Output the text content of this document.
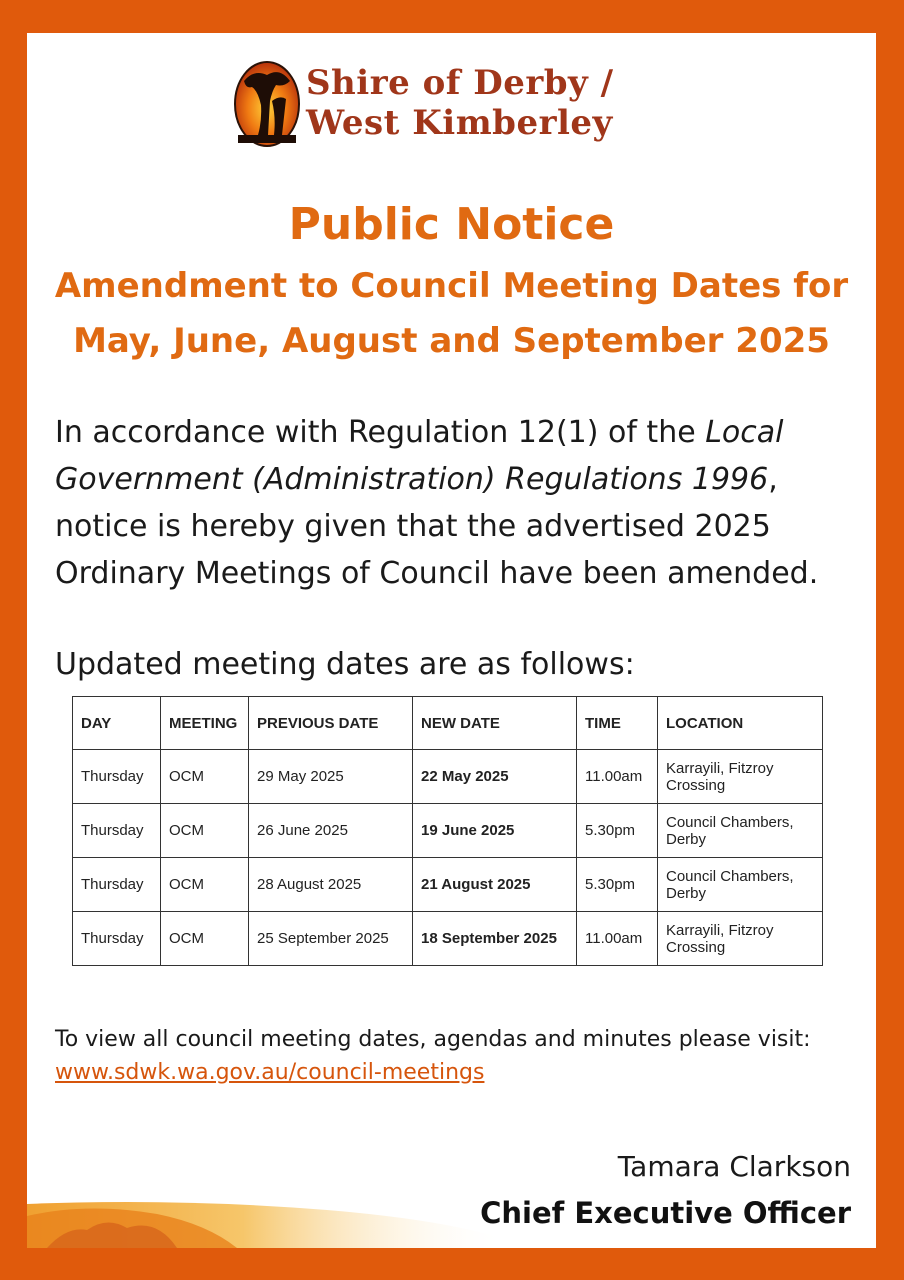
Shire of Derby /
West Kimberley
Public Notice
Amendment to Council Meeting Dates for
May, June, August and September 2025
In accordance with Regulation 12(1) of the Local Government (Administration) Regulations 1996, notice is hereby given that the advertised 2025 Ordinary Meetings of Council have been amended.
Updated meeting dates are as follows:
DAY	MEETING	PREVIOUS DATE	NEW DATE	TIME	LOCATION
Thursday	OCM	29 May 2025	22 May 2025	11.00am	Karrayili, Fitzroy Crossing
Thursday	OCM	26 June 2025	19 June 2025	5.30pm	Council Chambers, Derby
Thursday	OCM	28 August 2025	21 August 2025	5.30pm	Council Chambers, Derby
Thursday	OCM	25 September 2025	18 September 2025	11.00am	Karrayili, Fitzroy Crossing
To view all council meeting dates, agendas and minutes please visit:
www.sdwk.wa.gov.au/council-meetings
Tamara Clarkson
Chief Executive Officer
